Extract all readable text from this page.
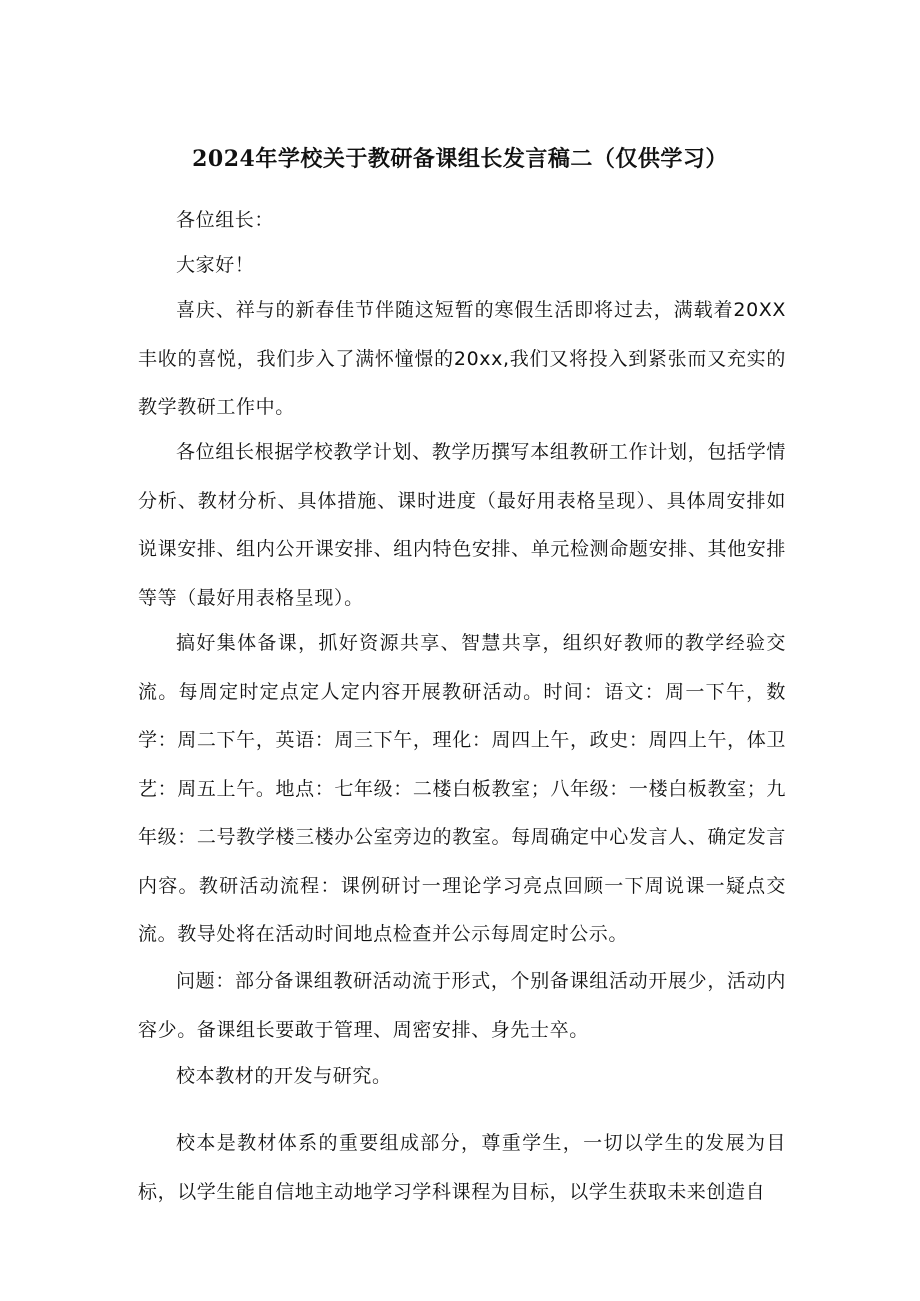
2024年学校关于教研备课组长发言稿二（仅供学习）

各位组长：

大家好！

喜庆、祥与的新春佳节伴随这短暂的寒假生活即将过去，满载着20XX丰收的喜悦，我们步入了满怀憧憬的20xx,我们又将投入到紧张而又充实的教学教研工作中。

各位组长根据学校教学计划、教学历撰写本组教研工作计划，包括学情分析、教材分析、具体措施、课时进度（最好用表格呈现）、具体周安排如说课安排、组内公开课安排、组内特色安排、单元检测命题安排、其他安排等等（最好用表格呈现）。

搞好集体备课，抓好资源共享、智慧共享，组织好教师的教学经验交流。每周定时定点定人定内容开展教研活动。时间：语文：周一下午，数学：周二下午，英语：周三下午，理化：周四上午，政史：周四上午，体卫艺：周五上午。地点：七年级：二楼白板教室；八年级：一楼白板教室；九年级：二号教学楼三楼办公室旁边的教室。每周确定中心发言人、确定发言内容。教研活动流程：课例研讨一理论学习亮点回顾一下周说课一疑点交流。教导处将在活动时间地点检查并公示每周定时公示。

问题：部分备课组教研活动流于形式，个别备课组活动开展少，活动内容少。备课组长要敢于管理、周密安排、身先士卒。

校本教材的开发与研究。

校本是教材体系的重要组成部分，尊重学生，一切以学生的发展为目标，以学生能自信地主动地学习学科课程为目标，以学生获取未来创造自
